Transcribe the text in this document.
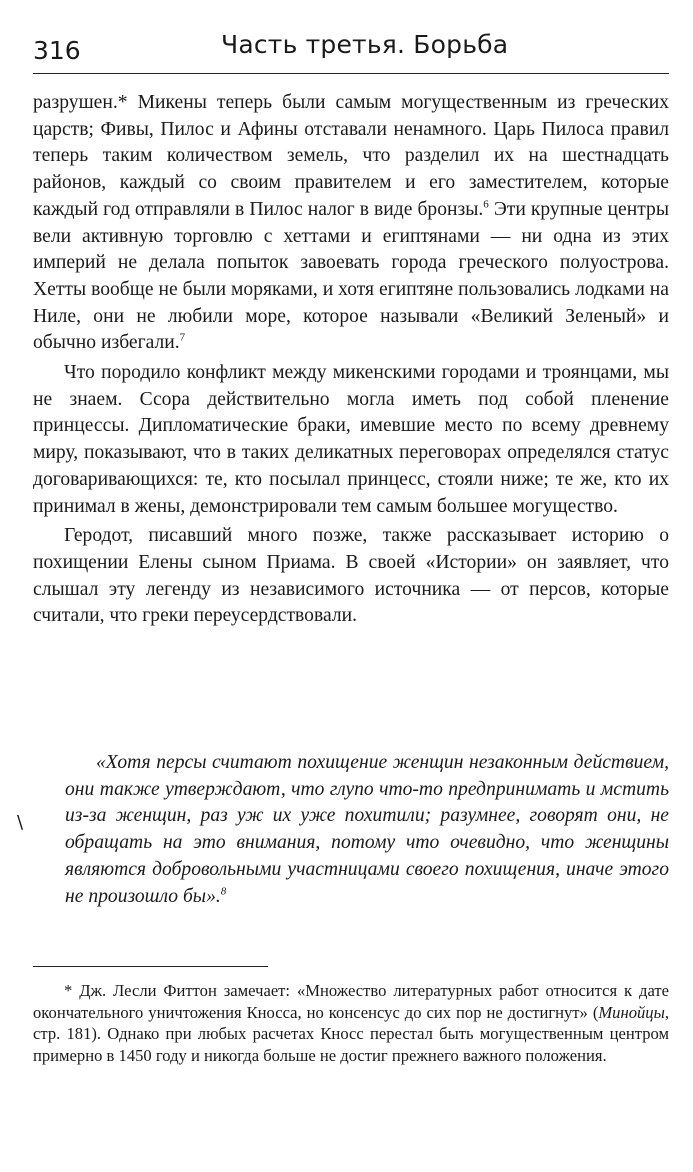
316	Часть третья. Борьба

разрушен.* Микены теперь были самым могущественным из греческих царств; Фивы, Пилос и Афины отставали ненамного. Царь Пилоса правил теперь таким количеством земель, что разделил их на шестнадцать районов, каждый со своим правителем и его заместителем, которые каждый год отправляли в Пилос налог в виде бронзы.$^6$ Эти крупные центры вели активную торговлю с хеттами и египтянами — ни одна из этих империй не делала попыток завоевать города греческого полуострова. Хетты вообще не были моряками, и хотя египтяне пользовались лодками на Ниле, они не любили море, которое называли «Великий Зеленый» и обычно избегали.$^7$

Что породило конфликт между микенскими городами и троянцами, мы не знаем. Ссора действительно могла иметь под собой пленение принцессы. Дипломатические браки, имевшие место по всему древнему миру, показывают, что в таких деликатных переговорах определялся статус договаривающихся: те, кто посылал принцесс, стояли ниже; те же, кто их принимал в жены, демонстрировали тем самым большее могущество.

Геродот, писавший много позже, также рассказывает историю о похищении Елены сыном Приама. В своей «Истории» он заявляет, что слышал эту легенду из независимого источника — от персов, которые считали, что греки переусердствовали.

«Хотя персы считают похищение женщин незаконным действием, они также утверждают, что глупо что-то предпринимать и мстить из-за женщин, раз уж их уже похитили; разумнее, говорят они, не обращать на это внимания, потому что очевидно, что женщины являются добровольными участницами своего похищения, иначе этого не произошло бы».$^8$

\

* Дж. Лесли Фиттон замечает: «Множество литературных работ относится к дате окончательного уничтожения Кносса, но консенсус до сих пор не достигнут» (Минойцы, стр. 181). Однако при любых расчетах Кносс перестал быть могущественным центром примерно в 1450 году и никогда больше не достиг прежнего важного положения.
